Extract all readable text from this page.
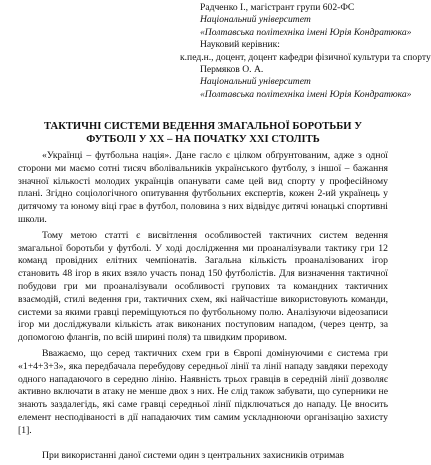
Радченко І., магістрант групи 602-ФС
Національний університет
«Полтавська політехніка імені Юрія Кондратюка»
Науковий керівник:
к.пед.н., доцент, доцент кафедри фізичної культури та спорту
Пермяков О. А.
Національний університет
«Полтавська політехніка імені Юрія Кондратюка»
ТАКТИЧНІ СИСТЕМИ ВЕДЕННЯ ЗМАГАЛЬНОЇ БОРОТЬБИ У
ФУТБОЛІ У ХХ – НА ПОЧАТКУ ХХІ СТОЛІТЬ

«Українці – футбольна нація». Дане гасло є цілком обґрунтованим, адже з одної сторони ми маємо сотні тисяч вболівальників українського футболу, з іншої – бажання значної кількості молодих українців опанувати саме цей вид спорту у професійному плані. Згідно соціологічного опитування футбольних експертів, кожен 2-ий українець у дитячому та юному віці грає в футбол, половина з них відвідує дитячі юнацькі спортивні школи.

Тому метою статті є висвітлення особливостей тактичних систем ведення змагальної боротьби у футболі. У ході дослідження ми проаналізували тактику гри 12 команд провідних елітних чемпіонатів. Загальна кількість проаналізованих ігор становить 48 ігор в яких взяло участь понад 150 футболістів. Для визначення тактичної побудови гри ми проаналізували особливості групових та командних тактичних взаємодій, стилі ведення гри, тактичних схем, які найчастіше використовують команди, системи за якими гравці переміщуються по футбольному полю. Аналізуючи відеозаписи ігор ми досліджували кількість атак виконаних поступовим нападом, (через центр, за допомогою флангів, по всій ширині поля) та швидким проривом.

Вважаємо, що серед тактичних схем гри в Європі домінуючими є система гри «1+4+3+3», яка передбачала перебудову середньої лінії та лінії нападу завдяки переходу одного нападаючого в середню лінію. Наявність трьох гравців в середній лінії дозволяє активно включати в атаку не менше двох з них. Не слід також забувати, що суперники не знають заздалегідь, які саме гравці середньої лінії підключаться до нападу. Це вносить елемент несподіваності в дії нападаючих тим самим ускладнюючи організацію захисту [1].

При використанні даної системи один з центральних захисників отримав
